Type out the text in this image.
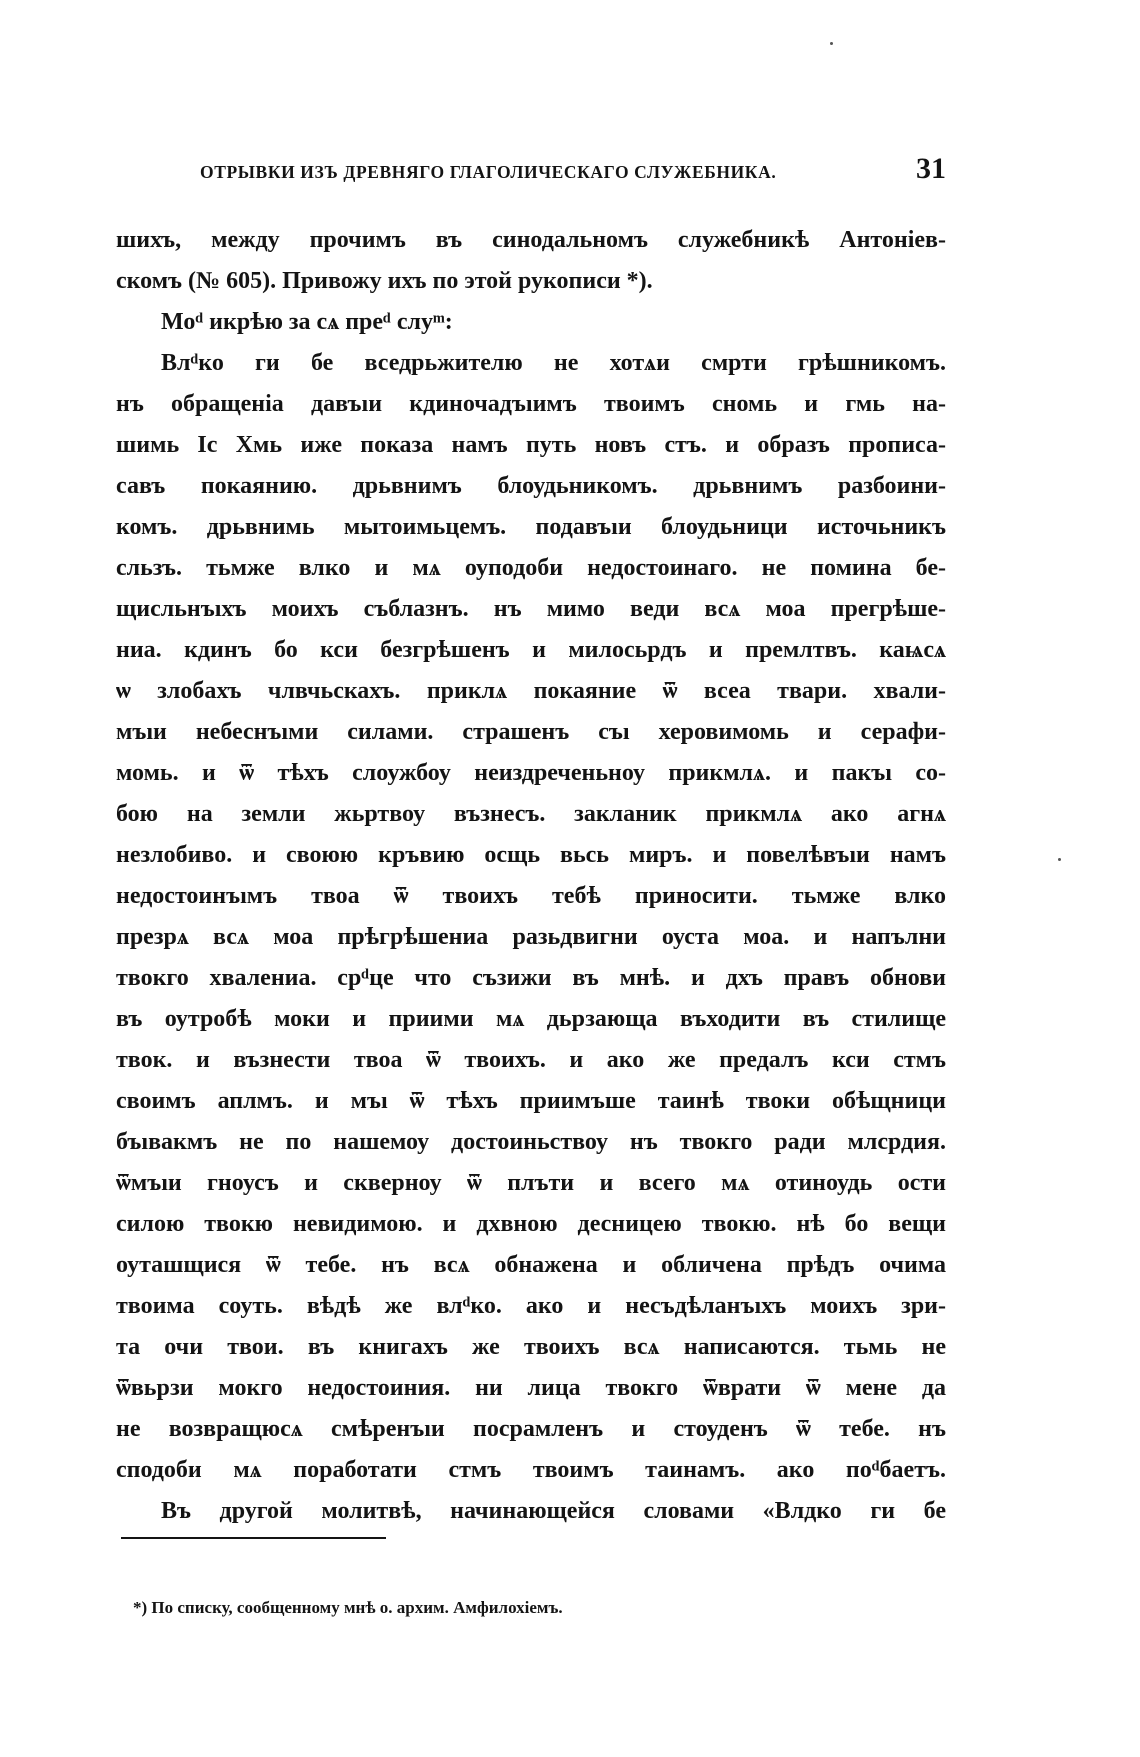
ОТРЫВКИ ИЗЪ ДРЕВНЯГО ГЛАГОЛИЧЕСКАГО СЛУЖЕБНИКА.	31
шихъ, между прочимъ въ синодальномъ служебникѣ Антоніев-
скомъ (№ 605). Привожу ихъ по этой рукописи *).
Моᵈ икрѣю за сѧ преᵈ слуᵐ:
Влᵈко ги бе вседрьжителю не хотѧи смрти грѣшникомъ.
нъ обращеніа давъıи кдиночадъıимъ твоимъ сномь и гмь на-
шимь Іс Хмь иже показа намъ путь новъ стъ. и образъ прописа-
савъ покаянию. дрьвнимъ блоудьникомъ. дрьвнимъ разбоини-
комъ. дрьвнимь мытоимьцемъ. подавъıи блоудьници источьникъ
сльзъ. тьмже влко и мѧ оуподоби недостоинаго. не помина бе-
щисльнъıхъ моихъ съблазнъ. нъ мимо веди всѧ моа прегрѣше-
ниа. кдинъ бо кси безгрѣшенъ и милосьрдъ и премлтвъ. каѩсѧ
ѡ злобахъ члвчьскахъ. приклѧ покаяние ѿ всеа твари. хвали-
мъıи небеснъıми силами. страшенъ съı херовимомь и серафи-
момь. и ѿ тѣхъ слоужбоу неиздреченьноу прикмлѧ. и пакъı со-
бою на земли жьртвоу възнесъ. закланик прикмлѧ ако агнѧ
незлобиво. и своюю кръвию осщь вьсь миръ. и повелѣвъıи намъ
недостоинъıмъ твоа ѿ твоихъ тебѣ приносити. тьмже влко
презрѧ всѧ моа прѣгрѣшениа разьдвигни оуста моа. и напълни
твокго хвалениа. срᵈце что съзижи въ мнѣ. и дхъ правъ обнови
въ оутробѣ моки и приими мѧ дьрзающа въходити въ стилище
твок. и възнести твоа ѿ твоихъ. и ако же предалъ кси стмъ
своимъ аплмъ. и мъı ѿ тѣхъ приимъше таинѣ твоки обѣщници
бъıвакмъ не по нашемоу достоиньствоу нъ твокго ради млсрдия.
ѿмъıи гноусъ и скверноу ѿ плъти и всего мѧ отиноудь ости
силою твокю невидимою. и дхвною десницею твокю. нѣ бо вещи
оуташщися ѿ тебе. нъ всѧ обнажена и обличена прѣдъ очима
твоима соуть. вѣдѣ же влᵈко. ако и несъдѣланъıхъ моихъ зри-
та очи твои. въ книгахъ же твоихъ всѧ написаются. тьмь не
ѿвьрзи мокго недостоиния. ни лица твокго ѿврати ѿ мене да
не возвращюсѧ смѣренъıи посрамленъ и стоуденъ ѿ тебе. нъ
сподоби мѧ поработати стмъ твоимъ таинамъ. ако поᵈбаетъ.
Въ другой молитвѣ, начинающейся словами «Влдко ги бе
*) По списку, сообщенному мнѣ о. архим. Амфилохіемъ.
